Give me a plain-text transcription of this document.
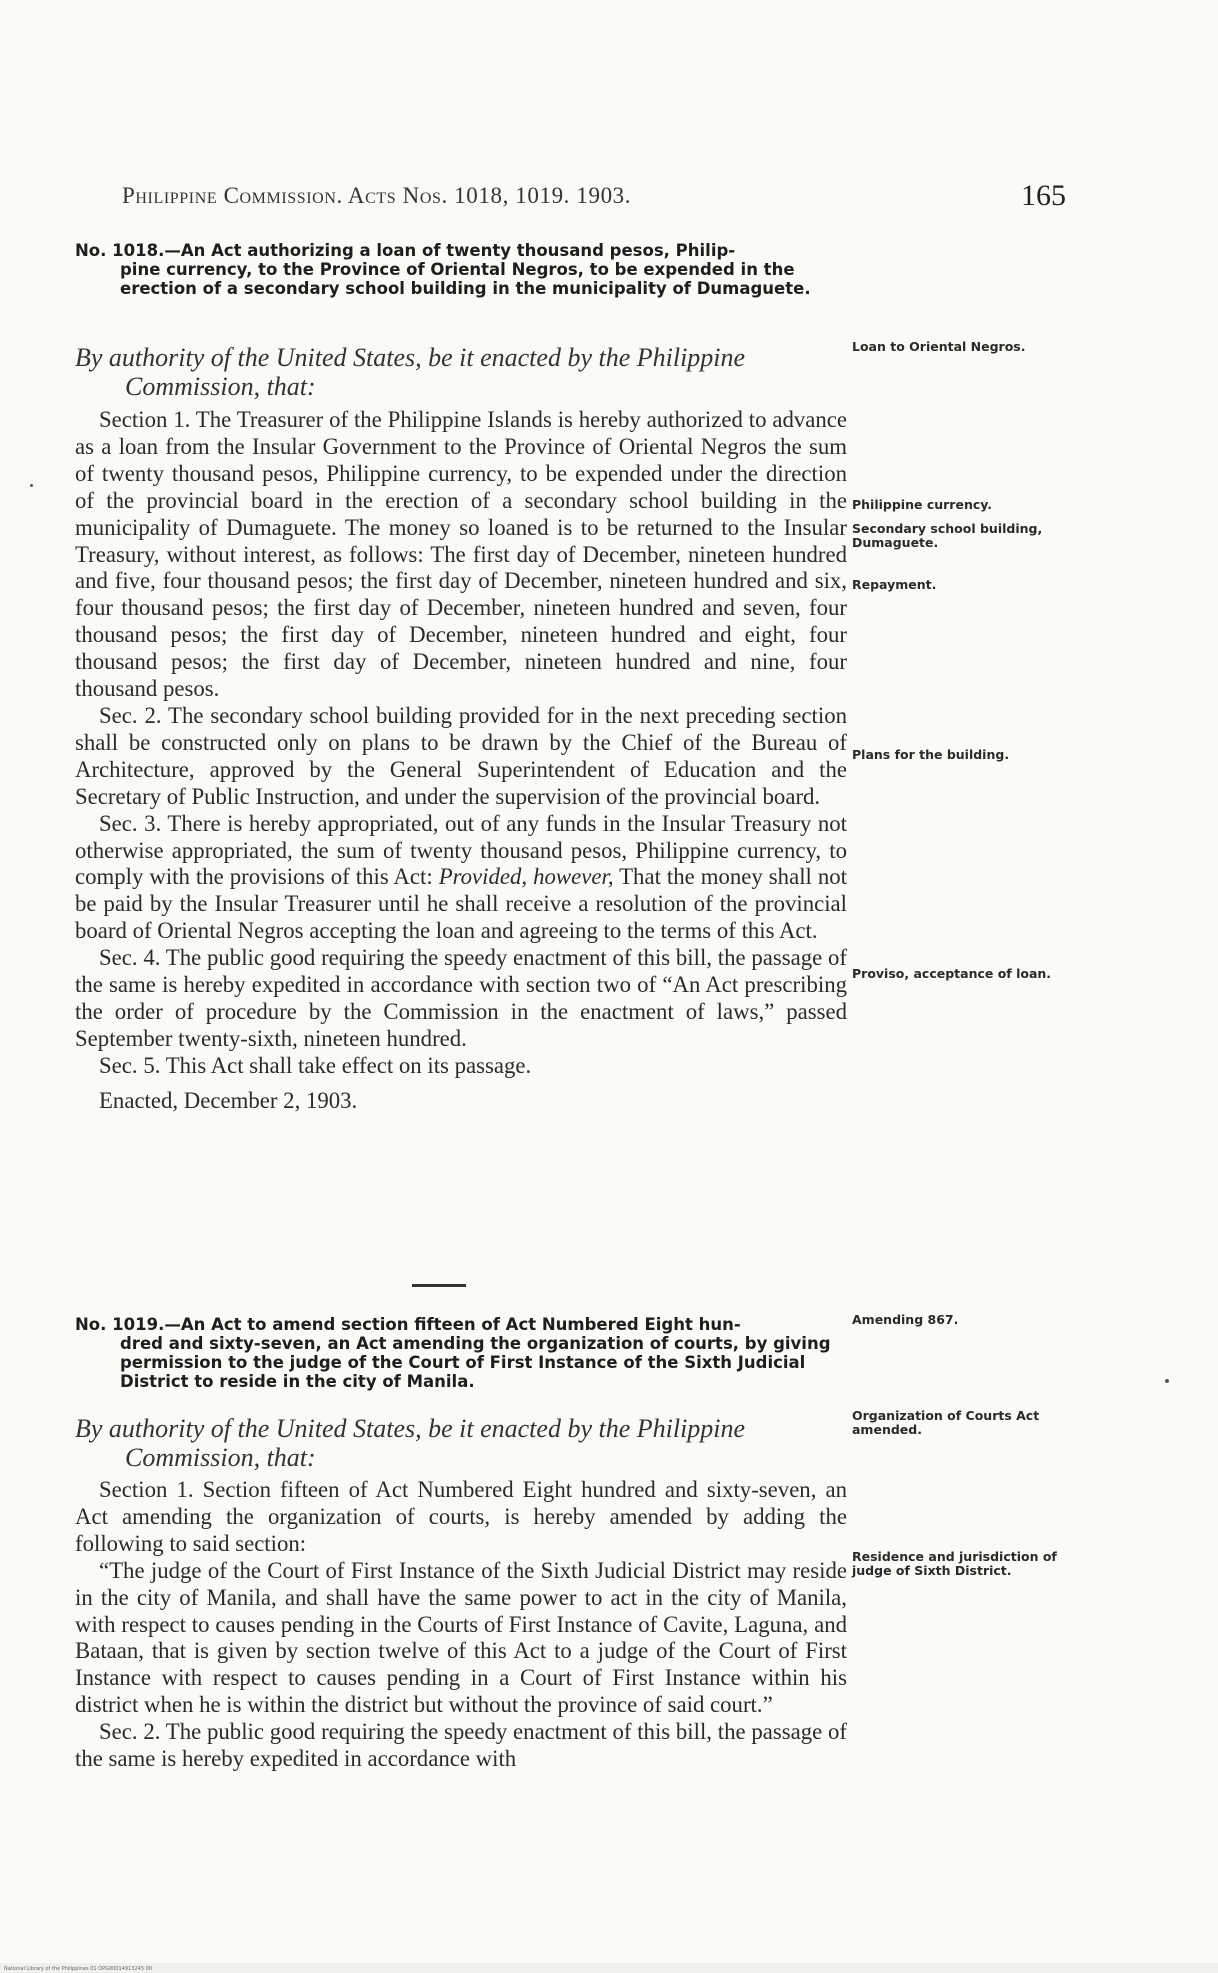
Philippine Commission. Acts Nos. 1018, 1019. 1903.	165
No. 1018.—An Act authorizing a loan of twenty thousand pesos, Philip-
pine currency, to the Province of Oriental Negros, to be expended in the erection of a secondary school building in the municipality of Dumaguete.
By authority of the United States, be it enacted by the Philippine
Commission, that:

Section 1. The Treasurer of the Philippine Islands is hereby authorized to advance as a loan from the Insular Government to the Province of Oriental Negros the sum of twenty thousand pesos, Philippine currency, to be expended under the direction of the provincial board in the erection of a secondary school building in the municipality of Dumaguete. The money so loaned is to be returned to the Insular Treasury, without interest, as follows: The first day of December, nineteen hundred and five, four thousand pesos; the first day of December, nineteen hundred and six, four thousand pesos; the first day of December, nineteen hundred and seven, four thousand pesos; the first day of December, nineteen hundred and eight, four thousand pesos; the first day of December, nineteen hundred and nine, four thousand pesos.

Sec. 2. The secondary school building provided for in the next preceding section shall be constructed only on plans to be drawn by the Chief of the Bureau of Architecture, approved by the General Superintendent of Education and the Secretary of Public Instruction, and under the supervision of the provincial board.

Sec. 3. There is hereby appropriated, out of any funds in the Insular Treasury not otherwise appropriated, the sum of twenty thousand pesos, Philippine currency, to comply with the provisions of this Act: Provided, however, That the money shall not be paid by the Insular Treasurer until he shall receive a resolution of the provincial board of Oriental Negros accepting the loan and agreeing to the terms of this Act.

Sec. 4. The public good requiring the speedy enactment of this bill, the passage of the same is hereby expedited in accordance with section two of “An Act prescribing the order of procedure by the Commission in the enactment of laws,” passed September twenty-sixth, nineteen hundred.

Sec. 5. This Act shall take effect on its passage.

Enacted, December 2, 1903.

Loan to Oriental Negros.
Philippine currency.
Secondary school building, Dumaguete.
Repayment.
Plans for the building.
Proviso, acceptance of loan.
No. 1019.—An Act to amend section fifteen of Act Numbered Eight hun-
dred and sixty-seven, an Act amending the organization of courts, by giving permission to the judge of the Court of First Instance of the Sixth Judicial District to reside in the city of Manila.
By authority of the United States, be it enacted by the Philippine
Commission, that:

Section 1. Section fifteen of Act Numbered Eight hundred and sixty-seven, an Act amending the organization of courts, is hereby amended by adding the following to said section:

“The judge of the Court of First Instance of the Sixth Judicial District may reside in the city of Manila, and shall have the same power to act in the city of Manila, with respect to causes pending in the Courts of First Instance of Cavite, Laguna, and Bataan, that is given by section twelve of this Act to a judge of the Court of First Instance with respect to causes pending in a Court of First Instance within his district when he is within the district but without the province of said court.”

Sec. 2. The public good requiring the speedy enactment of this bill, the passage of the same is hereby expedited in accordance with

Amending 867.
Organization of Courts Act amended.
Residence and jurisdiction of judge of Sixth District.
National Library of the Philippines 01 OPG00014913245 00
